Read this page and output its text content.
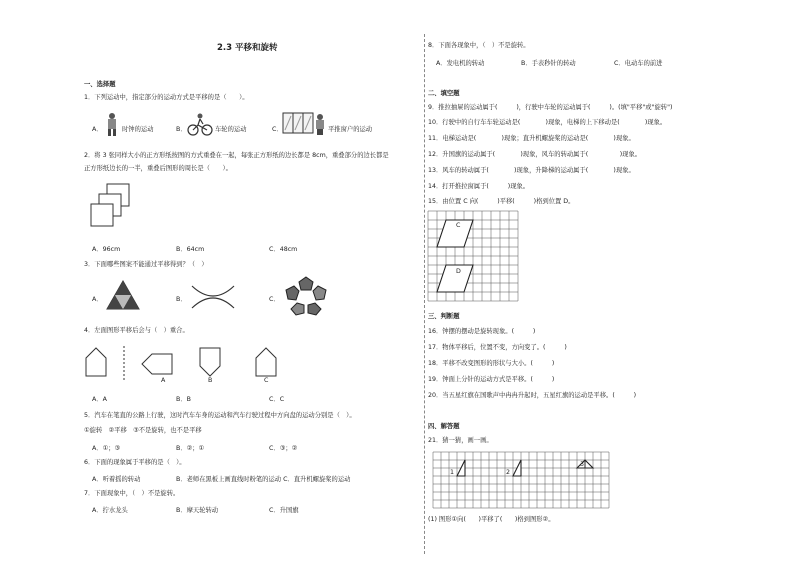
2.3 平移和旋转
一、选择题
1．下列运动中，指定部分的运动方式是平移的是（　　）。
A．	时钟的运动	B．	车轮的运动	C．	平推窗户的运动
2．将 3 张同样大小的正方形纸按图的方式重叠在一起，每张正方形纸的边长都是 8cm，重叠部分的边长都是
正方形纸边长的一半，重叠后图形的周长是（　　）。
A．96cm	B．64cm	C．48cm
3．下面哪些图案不能通过平移得到？（　）
A．	B．	C．
4．左面图形平移后会与（　）重合。
A	B	C
A．A	B．B	C．C
5．汽车在笔直的公路上行驶，这时汽车车身的运动和汽车行驶过程中方向盘的运动分别是（　）。
①旋转　②平移　③不是旋转，也不是平移
A．①；③	B．②；①	C．③；②
6．下面的现象属于平移的是（　）。
A．听着摇的转动	B．老师在黑板上画直线时粉笔的运动 C．直升机螺旋桨的运动
7．下面现象中，（　）不是旋转。
A．拧水龙头	B．摩天轮转动	C．升国旗
8．下面各现象中，（　）不是旋转。
A．发电机的转动	B．手表秒针的转动	C．电动车的前进
二、填空题
9．推拉抽屉的运动属于(　　　)，行驶中车轮的运动属于(　　　)。(填"平移"或"旋转")
10．行驶中的自行车车轮运动是(　　　　)现象，电梯的上下移动是(　　　　)现象。
11．电梯运动是(　　　　)现象；直升机螺旋桨的运动是(　　　　)现象。
12．升国旗的运动属于(　　　　)现象，风车的转动属于(　　　　　)现象。
13．风车的转动属于(　　　　)现象，升降梯的运动属于(　　　　)现象。
14．打开推拉窗属于(　　　)现象。
15．由位置 C 向(　　　)平移(　　　)格到位置 D。
C
D
三、判断题
16．钟摆的摆动是旋转现象。(　　　)
17．物体平移后，位置不变，方向变了。(　　　)
18．平移不改变图形的形状与大小。(　　　)
19．钟面上分针的运动方式是平移。(　　　)
20．当五星红旗在国歌声中冉冉升起时，五星红旗的运动是平移。(　　　)
四、解答题
21．猜一猜，画一画。
1	2
3
(1) 图形①向(　　)平移了(　　)格到图形②。
